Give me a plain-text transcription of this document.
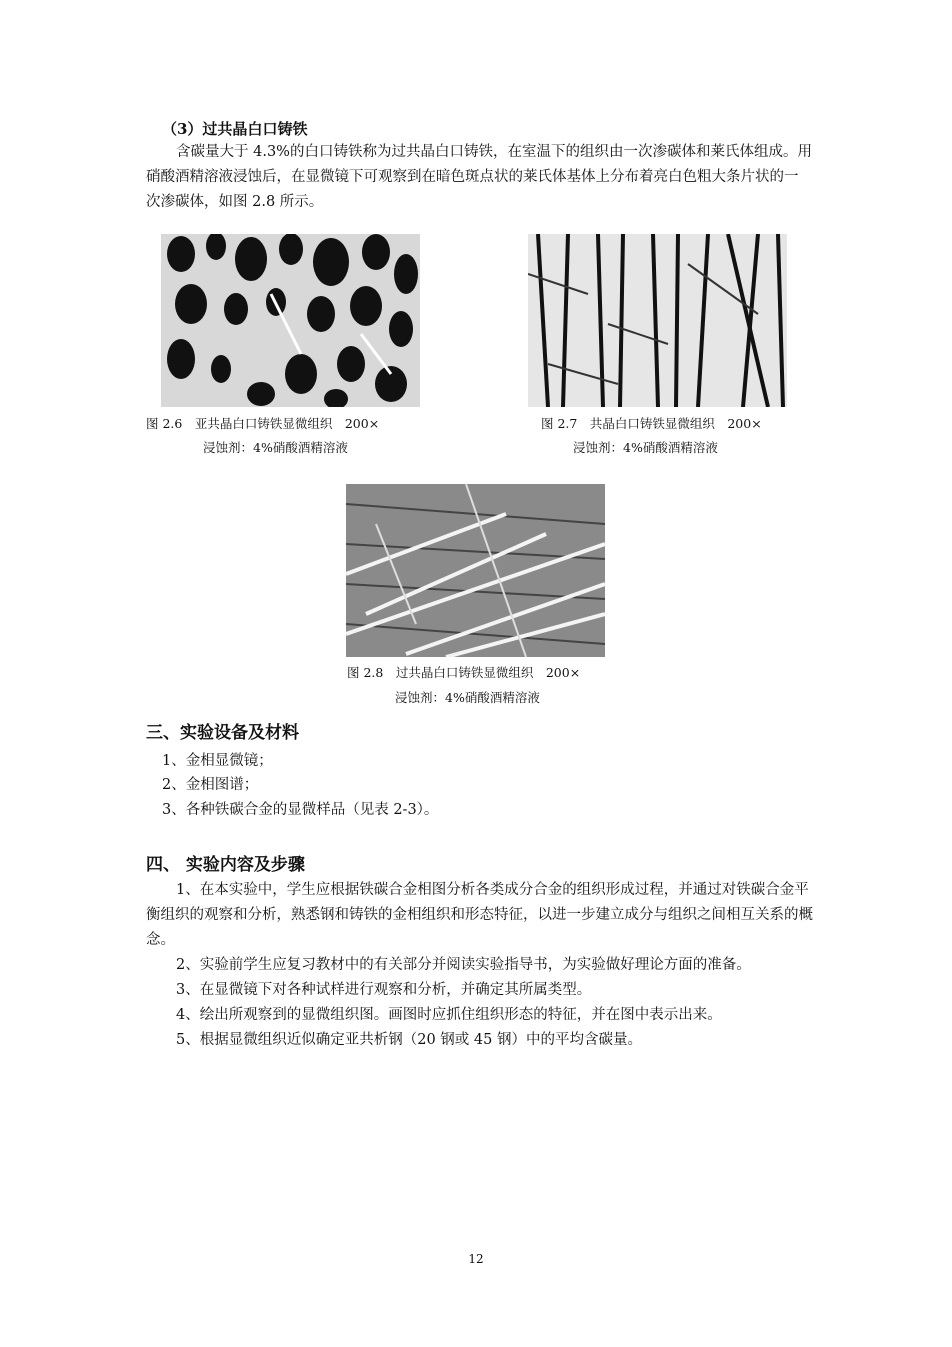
（3）过共晶白口铸铁
含碳量大于 4.3%的白口铸铁称为过共晶白口铸铁，在室温下的组织由一次渗碳体和莱氏体组成。用硝酸酒精溶液浸蚀后，在显微镜下可观察到在暗色斑点状的莱氏体基体上分布着亮白色粗大条片状的一次渗碳体，如图 2.8 所示。
图 2.6　亚共晶白口铸铁显微组织　200×
浸蚀剂：4%硝酸酒精溶液
图 2.7　共晶白口铸铁显微组织　200×
浸蚀剂：4%硝酸酒精溶液
图 2.8　过共晶白口铸铁显微组织　200×
浸蚀剂：4%硝酸酒精溶液
三、实验设备及材料
1、金相显微镜；
2、金相图谱；
3、各种铁碳合金的显微样品（见表 2-3）。
四、 实验内容及步骤
1、在本实验中，学生应根据铁碳合金相图分析各类成分合金的组织形成过程，并通过对铁碳合金平衡组织的观察和分析，熟悉钢和铸铁的金相组织和形态特征，以进一步建立成分与组织之间相互关系的概念。
2、实验前学生应复习教材中的有关部分并阅读实验指导书，为实验做好理论方面的准备。
3、在显微镜下对各种试样进行观察和分析，并确定其所属类型。
4、绘出所观察到的显微组织图。画图时应抓住组织形态的特征，并在图中表示出来。
5、根据显微组织近似确定亚共析钢（20 钢或 45 钢）中的平均含碳量。
12
